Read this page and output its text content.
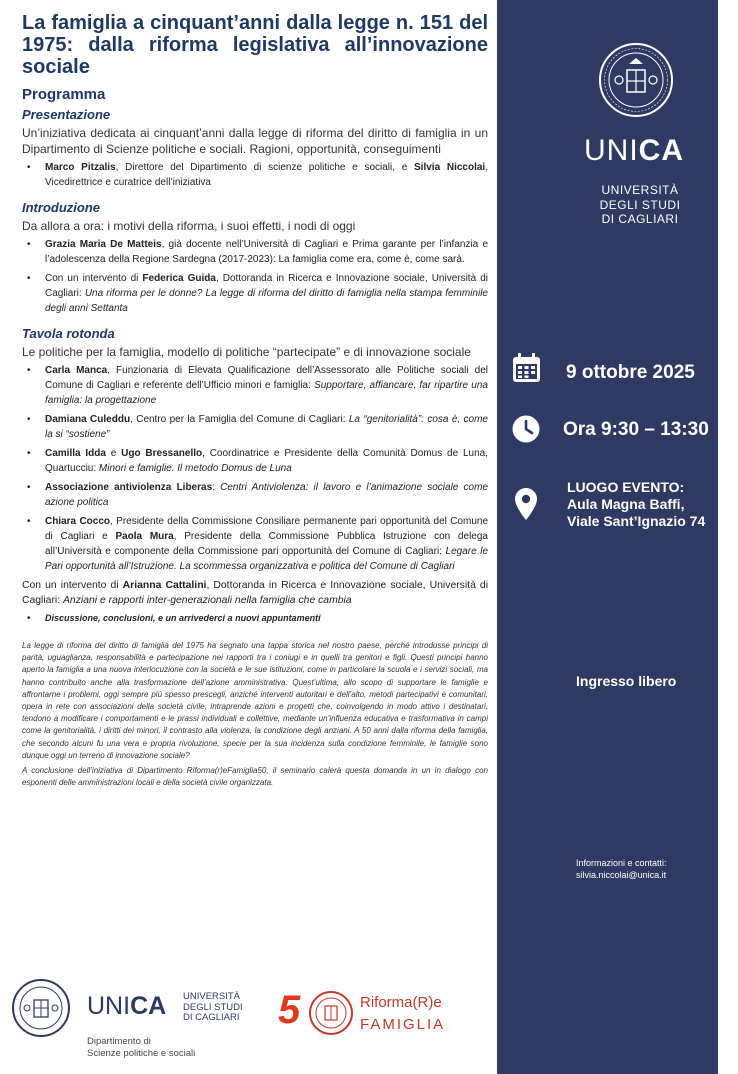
La famiglia a cinquant’anni dalla legge n. 151 del 1975: dalla riforma legislativa all’innovazione sociale
Programma
Presentazione
Un’iniziativa dedicata ai cinquant’anni dalla legge di riforma del diritto di famiglia in un Dipartimento di Scienze politiche e sociali. Ragioni, opportunità, conseguimenti
• Marco Pitzalis, Direttore del Dipartimento di scienze politiche e sociali, e Silvia Niccolai, Vicedirettrice e curatrice dell’iniziativa
Introduzione
Da allora a ora: i motivi della riforma, i suoi effetti, i nodi di oggi
• Grazia Maria De Matteis, già docente nell’Università di Cagliari e Prima garante per l’infanzia e l’adolescenza della Regione Sardegna (2017-2023): La famiglia come era, come è, come sarà.
• Con un intervento di Federica Guida, Dottoranda in Ricerca e Innovazione sociale, Università di Cagliari: Una riforma per le donne? La legge di riforma del diritto di famiglia nella stampa femminile degli anni Settanta
Tavola rotonda
Le politiche per la famiglia, modello di politiche “partecipate” e di innovazione sociale
• Carla Manca, Funzionaria di Elevata Qualificazione dell’Assessorato alle Politiche sociali del Comune di Cagliari e referente dell’Ufficio minori e famiglia: Supportare, affiancare, far ripartire una famiglia: la progettazione
• Damiana Culeddu, Centro per la Famiglia del Comune di Cagliari: La “genitorialità”: cosa è, come la si “sostiene”
• Camilla Idda e Ugo Bressanello, Coordinatrice e Presidente della Comunità Domus de Luna, Quartucciu: Minori e famiglie. Il metodo Domus de Luna
• Associazione antiviolenza Liberas: Centri Antiviolenza: il lavoro e l’animazione sociale come azione politica
• Chiara Cocco, Presidente della Commissione Consiliare permanente pari opportunità del Comune di Cagliari e Paola Mura, Presidente della Commissione Pubblica Istruzione con delega all’Università e componente della Commissione pari opportunità del Comune di Cagliari: Legare le Pari opportunità all’Istruzione. La scommessa organizzativa e politica del Comune di Cagliari
Con un intervento di Arianna Cattalini, Dottoranda in Ricerca e Innovazione sociale, Università di Cagliari: Anziani e rapporti inter-generazionali nella famiglia che cambia
• Discussione, conclusioni, e un arrivederci a nuovi appuntamenti

La legge di riforma del diritto di famiglia del 1975 ha segnato una tappa storica nel nostro paese, perché introdusse principi di parità, uguaglianza, responsabilità e partecipazione nei rapporti tra i coniugi e in quelli tra genitori e figli. Questi principi hanno aperto la famiglia a una nuova interlocuzione con la società e le sue istituzioni, come in particolare la scuola e i servizi sociali, ma hanno contribuito anche alla trasformazione dell’azione amministrativa. Quest’ultima, allo scopo di supportare le famiglie e affrontarne i problemi, oggi sempre più spesso prescegli, anziché interventi autoritari e dell’alto, metodi partecipativi e comunitari, opera in rete con associazioni della società civile, intraprende azioni e progetti che, coinvolgendo in modo attivo i destinatari, tendono a modificare i comportamenti e le prassi individuali e collettive, mediante un’influenza educativa e trasformativa in campi come la genitorialità, i diritti dei minori, il contrasto alla violenza, la condizione degli anziani. A 50 anni dalla riforma della famiglia, che secondo alcuni fu una vera e propria rivoluzione, specie per la sua incidenza sulla condizione femminile, le famiglie sono dunque oggi un terreno di innovazione sociale?

A conclusione dell’iniziativa di Dipartimento Riforma(r)eFamiglia50, il seminario calerà questa domanda in un in dialogo con esponenti delle amministrazioni locali e della società civile organizzata.

UNICA
UNIVERSITÀ
DEGLI STUDI
DI CAGLIARI
9 ottobre 2025
Ora 9:30 – 13:30
LUOGO EVENTO:
Aula Magna Baffi,
Viale Sant’Ignazio 74
Ingresso libero
Informazioni e contatti:
silvia.niccolai@unica.it
UNICA UNIVERSITÀ
DEGLI STUDI
DI CAGLIARI
Dipartimento di
Scienze politiche e sociali
5	Riforma(R)e
FAMIGLIA
